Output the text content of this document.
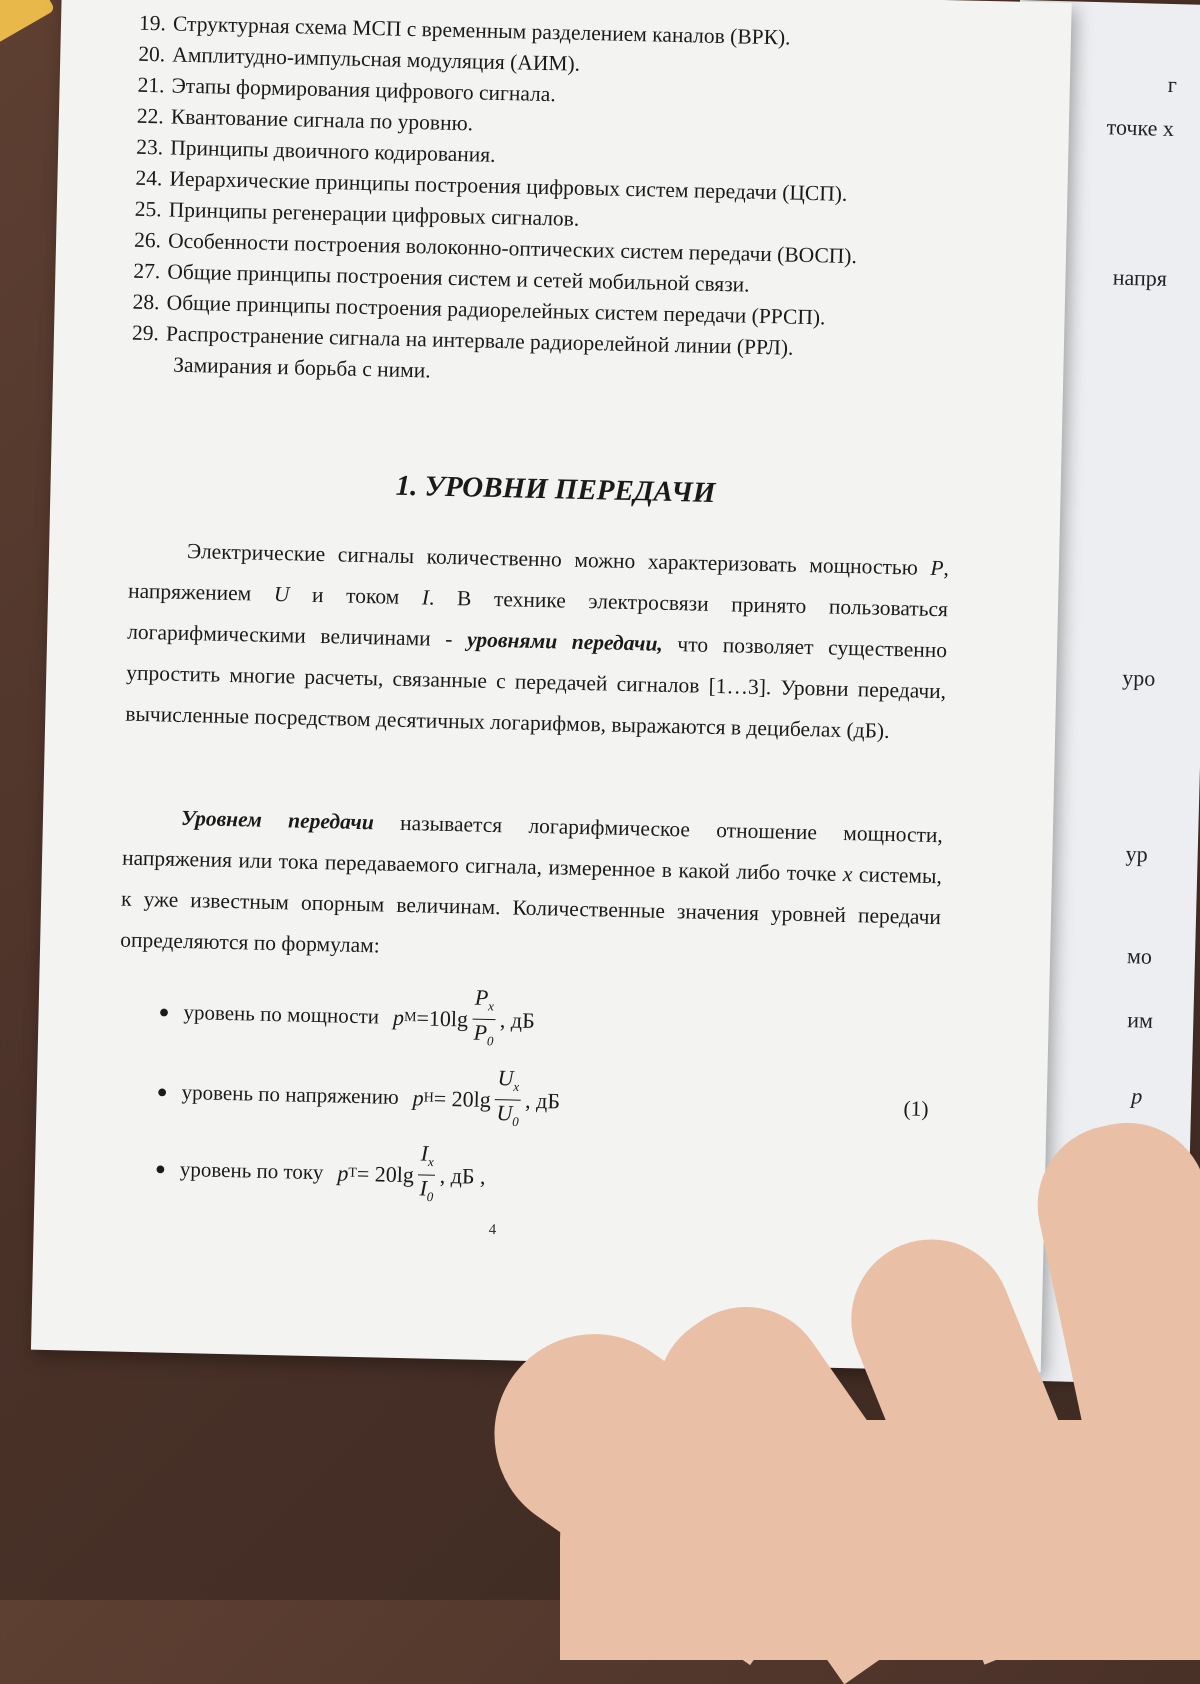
г
точке х
напря
уро
ур
мо
им
р

19. Структурная схема МСП с временным разделением каналов (ВРК).
20. Амплитудно-импульсная модуляция (АИМ).
21. Этапы формирования цифрового сигнала.
22. Квантование сигнала по уровню.
23. Принципы двоичного кодирования.
24. Иерархические принципы построения цифровых систем передачи (ЦСП).
25. Принципы регенерации цифровых сигналов.
26. Особенности построения волоконно-оптических систем передачи (ВОСП).
27. Общие принципы построения систем и сетей мобильной связи.
28. Общие принципы построения радиорелейных систем передачи (РРСП).
29. Распространение сигнала на интервале радиорелейной линии (РРЛ).
Замирания и борьба с ними.
1. УРОВНИ ПЕРЕДАЧИ

Электрические сигналы количественно можно характеризовать мощностью P, напряжением U и током I. В технике электросвязи принято пользоваться логарифмическими величинами - уровнями передачи, что позволяет существенно упростить многие расчеты, связанные с передачей сигналов [1…3]. Уровни передачи, вычисленные посредством десятичных логарифмов, выражаются в децибелах (дБ).

Уровнем передачи называется логарифмическое отношение мощности, напряжения или тока передаваемого сигнала, измеренное в какой либо точке x системы, к уже известным опорным величинам. Количественные значения уровней передачи определяются по формулам:

● уровень по мощности p $М =10\lg \frac{P_x}{P_0}$ , дБ
● уровень по напряжению p $Н = 20\lg \frac{U_x}{U_0}$ , дБ	(1)
● уровень по току p $Т = 20\lg \frac{I_x}{I_0}$ , дБ ,
4
